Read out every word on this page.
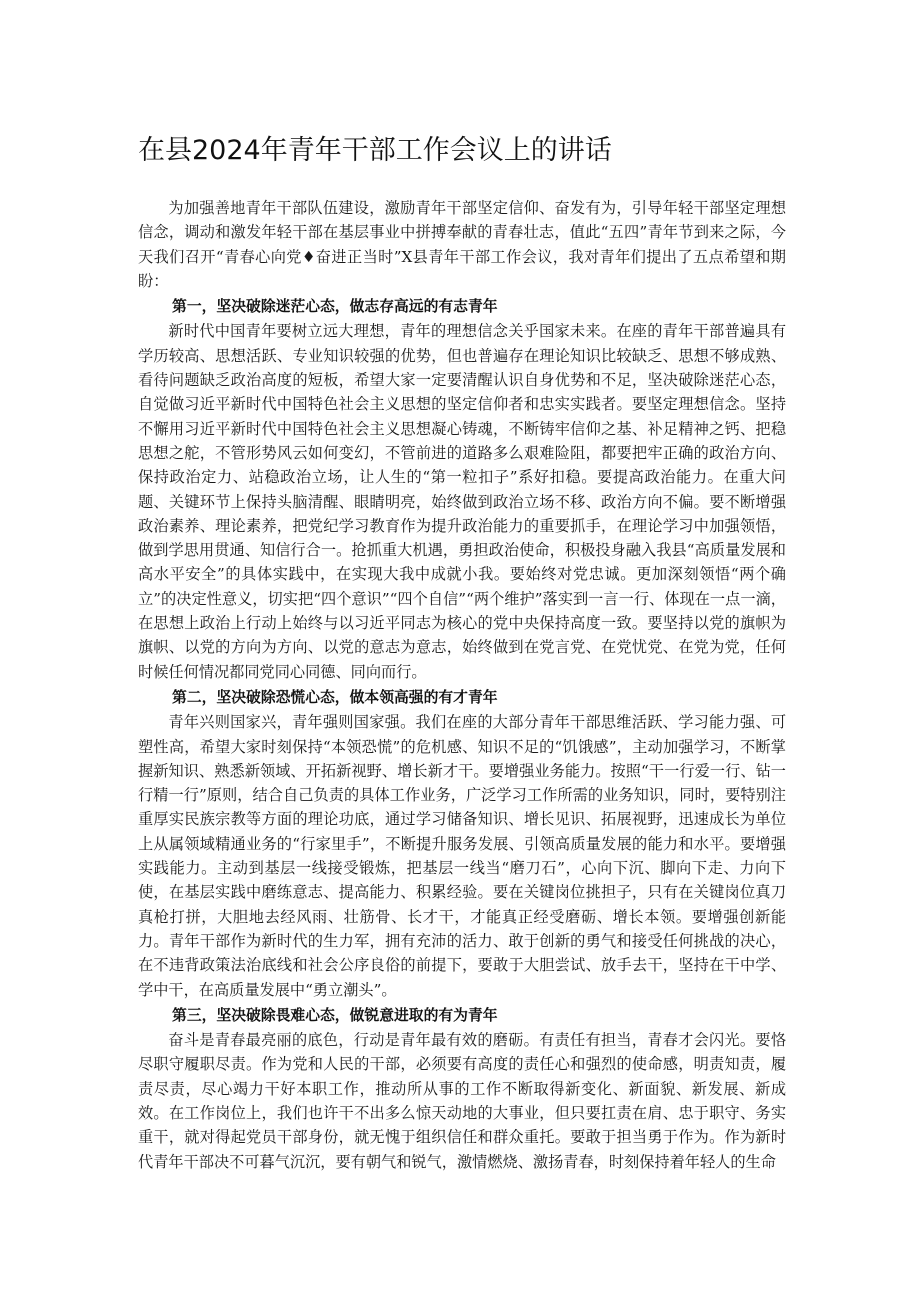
在县2024年青年干部工作会议上的讲话

为加强善地青年干部队伍建设，激励青年干部坚定信仰、奋发有为，引导年轻干部坚定理想信念，调动和激发年轻干部在基层事业中拼搏奉献的青春壮志，值此“五四”青年节到来之际，今天我们召开“青春心向党♦奋进正当时”X县青年干部工作会议，我对青年们提出了五点希望和期盼：

第一，坚决破除迷茫心态，做志存高远的有志青年

新时代中国青年要树立远大理想，青年的理想信念关乎国家未来。在座的青年干部普遍具有学历较高、思想活跃、专业知识较强的优势，但也普遍存在理论知识比较缺乏、思想不够成熟、看待问题缺乏政治高度的短板，希望大家一定要清醒认识自身优势和不足，坚决破除迷茫心态，自觉做习近平新时代中国特色社会主义思想的坚定信仰者和忠实实践者。要坚定理想信念。坚持不懈用习近平新时代中国特色社会主义思想凝心铸魂，不断铸牢信仰之基、补足精神之钙、把稳思想之舵，不管形势风云如何变幻，不管前进的道路多么艰难险阻，都要把牢正确的政治方向、保持政治定力、站稳政治立场，让人生的“第一粒扣子”系好扣稳。要提高政治能力。在重大问题、关键环节上保持头脑清醒、眼睛明亮，始终做到政治立场不移、政治方向不偏。要不断增强政治素养、理论素养，把党纪学习教育作为提升政治能力的重要抓手，在理论学习中加强领悟，做到学思用贯通、知信行合一。抢抓重大机遇，勇担政治使命，积极投身融入我县“高质量发展和高水平安全”的具体实践中，在实现大我中成就小我。要始终对党忠诚。更加深刻领悟“两个确立”的决定性意义，切实把“四个意识”“四个自信”“两个维护”落实到一言一行、体现在一点一滴，在思想上政治上行动上始终与以习近平同志为核心的党中央保持高度一致。要坚持以党的旗帜为旗帜、以党的方向为方向、以党的意志为意志，始终做到在党言党、在党忧党、在党为党，任何时候任何情况都同党同心同德、同向而行。

第二，坚决破除恐慌心态，做本领高强的有才青年

青年兴则国家兴，青年强则国家强。我们在座的大部分青年干部思维活跃、学习能力强、可塑性高，希望大家时刻保持“本领恐慌”的危机感、知识不足的“饥饿感”，主动加强学习，不断掌握新知识、熟悉新领域、开拓新视野、增长新才干。要增强业务能力。按照“干一行爱一行、钻一行精一行”原则，结合自己负责的具体工作业务，广泛学习工作所需的业务知识，同时，要特别注重厚实民族宗教等方面的理论功底，通过学习储备知识、增长见识、拓展视野，迅速成长为单位上从属领域精通业务的“行家里手”，不断提升服务发展、引领高质量发展的能力和水平。要增强实践能力。主动到基层一线接受锻炼，把基层一线当“磨刀石”，心向下沉、脚向下走、力向下使，在基层实践中磨练意志、提高能力、积累经验。要在关键岗位挑担子，只有在关键岗位真刀真枪打拼，大胆地去经风雨、壮筋骨、长才干，才能真正经受磨砺、增长本领。要增强创新能力。青年干部作为新时代的生力军，拥有充沛的活力、敢于创新的勇气和接受任何挑战的决心，在不违背政策法治底线和社会公序良俗的前提下，要敢于大胆尝试、放手去干，坚持在干中学、学中干，在高质量发展中“勇立潮头”。

第三，坚决破除畏难心态，做锐意进取的有为青年

奋斗是青春最亮丽的底色，行动是青年最有效的磨砺。有责任有担当，青春才会闪光。要恪尽职守履职尽责。作为党和人民的干部，必须要有高度的责任心和强烈的使命感，明责知责，履责尽责，尽心竭力干好本职工作，推动所从事的工作不断取得新变化、新面貌、新发展、新成效。在工作岗位上，我们也许干不出多么惊天动地的大事业，但只要扛责在肩、忠于职守、务实重干，就对得起党员干部身份，就无愧于组织信任和群众重托。要敢于担当勇于作为。作为新时代青年干部决不可暮气沉沉，要有朝气和锐气，激情燃烧、激扬青春，时刻保持着年轻人的生命
